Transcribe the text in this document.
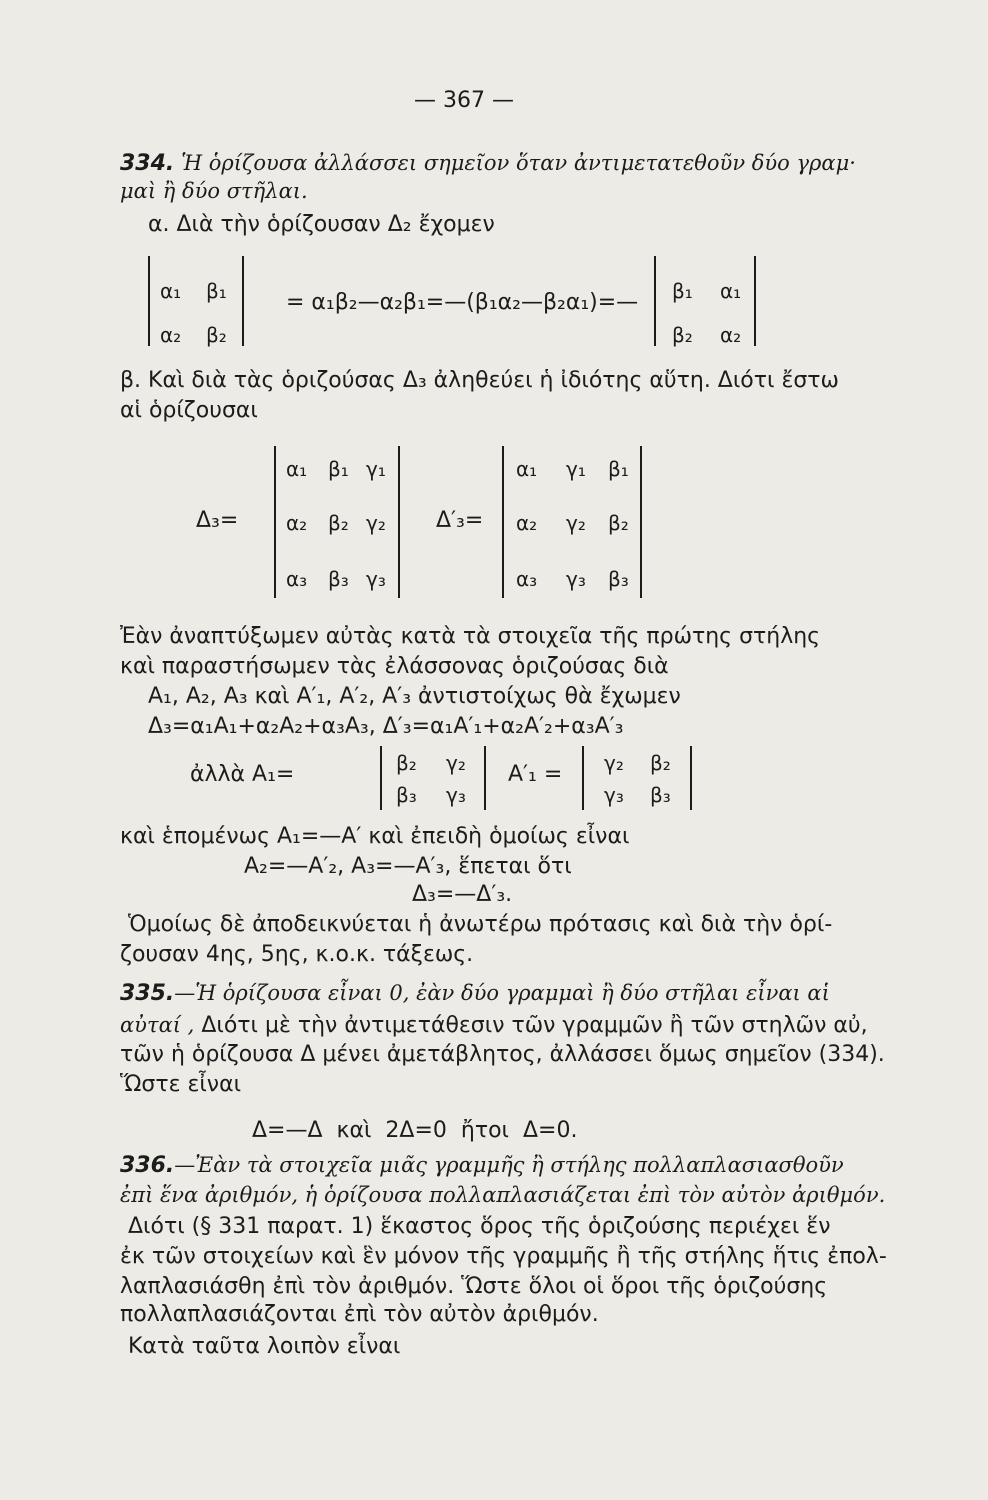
— 367 —
334. Ἡ ὁρίζουσα ἀλλάσσει σημεῖον ὅταν ἀντιμετατεθοῦν δύο γραμ·
μαὶ ἢ δύο στῆλαι.
α. Διὰ τὴν ὁρίζουσαν Δ₂ ἔχομεν
α₁ β₁
α₂ β₂
= α₁β₂—α₂β₁=—(β₁α₂—β₂α₁)=— β₁ α₁
β₂ α₂
β. Καὶ διὰ τὰς ὁριζούσας Δ₃ ἀληθεύει ἡ ἰδιότης αὕτη. Διότι ἔστω
αἱ ὁρίζουσαι
Δ₃=
α₁ β₁ γ₁
α₂ β₂ γ₂
α₃ β₃ γ₃
Δ′₃=
α₁ γ₁ β₁
α₂ γ₂ β₂
α₃ γ₃ β₃
Ἐὰν ἀναπτύξωμεν αὐτὰς κατὰ τὰ στοιχεῖα τῆς πρώτης στήλης
καὶ παραστήσωμεν τὰς ἐλάσσονας ὁριζούσας διὰ
Α₁, Α₂, Α₃ καὶ Α′₁, Α′₂, Α′₃ ἀντιστοίχως θὰ ἔχωμεν
Δ₃=α₁Α₁+α₂Α₂+α₃Α₃, Δ′₃=α₁Α′₁+α₂Α′₂+α₃Α′₃
ἀλλὰ Α₁=	β₂ γ₂
β₃ γ₃
Α′₁ = γ₂ β₂
γ₃ β₃
καὶ ἑπομένως Α₁=—Α′ καὶ ἐπειδὴ ὁμοίως εἶναι
Α₂=—Α′₂, Α₃=—Α′₃, ἕπεται ὅτι
Δ₃=—Δ′₃.
Ὁμοίως δὲ ἀποδεικνύεται ἡ ἀνωτέρω πρότασις καὶ διὰ τὴν ὁρί-
ζουσαν 4ης, 5ης, κ.ο.κ. τάξεως.
335.—Ἡ ὁρίζουσα εἶναι 0, ἐὰν δύο γραμμαὶ ἢ δύο στῆλαι εἶναι αἱ
αὐταί , Διότι μὲ τὴν ἀντιμετάθεσιν τῶν γραμμῶν ἢ τῶν στηλῶν αὐ,
τῶν ἡ ὁρίζουσα Δ μένει ἀμετάβλητος, ἀλλάσσει ὅμως σημεῖον (334).
Ὥστε εἶναι
Δ=—Δ  καὶ  2Δ=0  ἤτοι  Δ=0.
336.—Ἐὰν τὰ στοιχεῖα μιᾶς γραμμῆς ἢ στήλης πολλαπλασιασθοῦν
ἐπὶ ἕνα ἀριθμόν, ἡ ὁρίζουσα πολλαπλασιάζεται ἐπὶ τὸν αὐτὸν ἀριθμόν.
Διότι (§ 331 παρατ. 1) ἕκαστος ὅρος τῆς ὁριζούσης περιέχει ἕν
ἐκ τῶν στοιχείων καὶ ἓν μόνον τῆς γραμμῆς ἢ τῆς στήλης ἥτις ἐπολ-
λαπλασιάσθη ἐπὶ τὸν ἀριθμόν. Ὥστε ὅλοι οἱ ὅροι τῆς ὁριζούσης
πολλαπλασιάζονται ἐπὶ τὸν αὐτὸν ἀριθμόν.
Κατὰ ταῦτα λοιπὸν εἶναι
